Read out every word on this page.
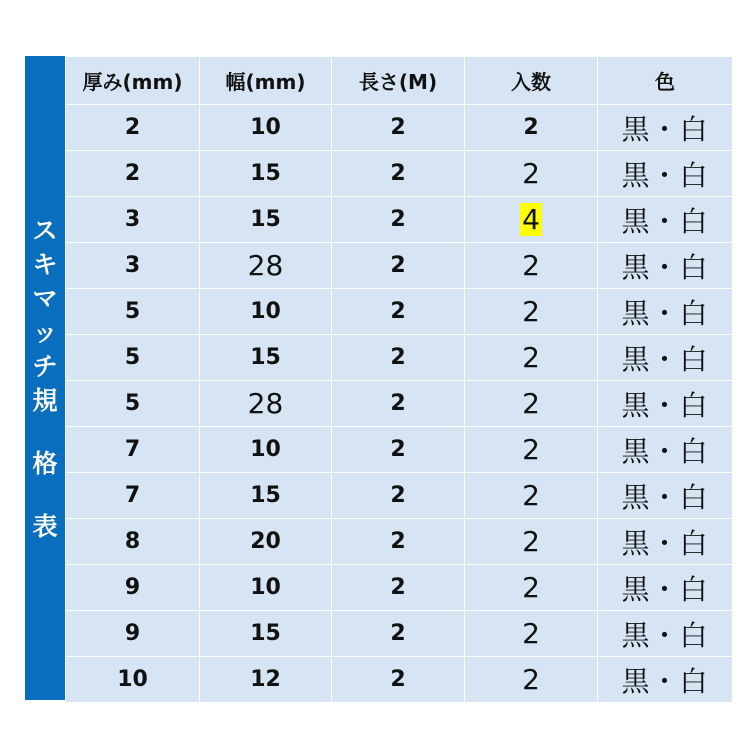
ス
キ
マ
ッ
チ
規
格
表
厚み(mm)	幅(mm)	長さ(M)	入数	色
2	10	2	2	黒・白
2	15	2	2	黒・白
3	15	2	4	黒・白
3	28	2	2	黒・白
5	10	2	2	黒・白
5	15	2	2	黒・白
5	28	2	2	黒・白
7	10	2	2	黒・白
7	15	2	2	黒・白
8	20	2	2	黒・白
9	10	2	2	黒・白
9	15	2	2	黒・白
10	12	2	2	黒・白
